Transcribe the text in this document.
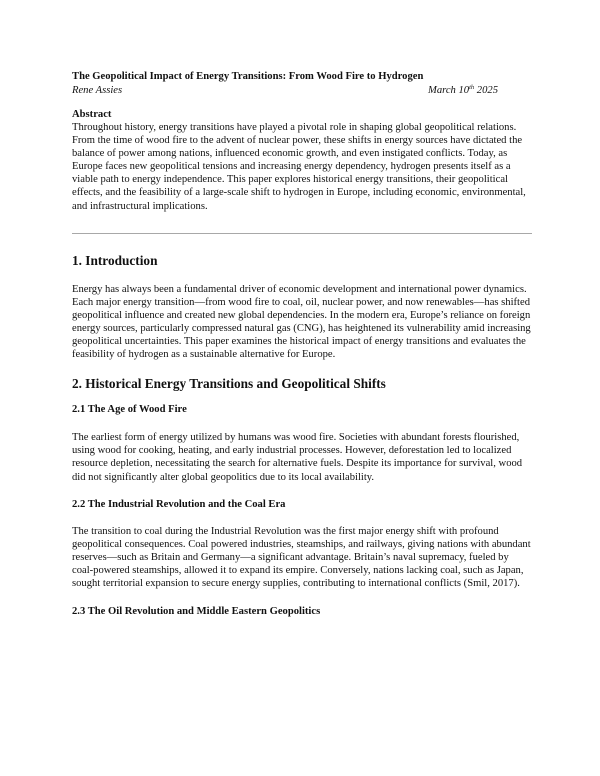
The Geopolitical Impact of Energy Transitions: From Wood Fire to Hydrogen

Rene Assies	March 10th 2025
Abstract

Throughout history, energy transitions have played a pivotal role in shaping global geopolitical relations. From the time of wood fire to the advent of nuclear power, these shifts in energy sources have dictated the balance of power among nations, influenced economic growth, and even instigated conflicts. Today, as Europe faces new geopolitical tensions and increasing energy dependency, hydrogen presents itself as a viable path to energy independence. This paper explores historical energy transitions, their geopolitical effects, and the feasibility of a large-scale shift to hydrogen in Europe, including economic, environmental, and infrastructural implications.

1. Introduction

Energy has always been a fundamental driver of economic development and international power dynamics. Each major energy transition—from wood fire to coal, oil, nuclear power, and now renewables—has shifted geopolitical influence and created new global dependencies. In the modern era, Europe’s reliance on foreign energy sources, particularly compressed natural gas (CNG), has heightened its vulnerability amid increasing geopolitical uncertainties. This paper examines the historical impact of energy transitions and evaluates the feasibility of hydrogen as a sustainable alternative for Europe.

2. Historical Energy Transitions and Geopolitical Shifts
2.1 The Age of Wood Fire

The earliest form of energy utilized by humans was wood fire. Societies with abundant forests flourished, using wood for cooking, heating, and early industrial processes. However, deforestation led to localized resource depletion, necessitating the search for alternative fuels. Despite its importance for survival, wood did not significantly alter global geopolitics due to its local availability.

2.2 The Industrial Revolution and the Coal Era

The transition to coal during the Industrial Revolution was the first major energy shift with profound geopolitical consequences. Coal powered industries, steamships, and railways, giving nations with abundant reserves—such as Britain and Germany—a significant advantage. Britain’s naval supremacy, fueled by coal-powered steamships, allowed it to expand its empire. Conversely, nations lacking coal, such as Japan, sought territorial expansion to secure energy supplies, contributing to international conflicts (Smil, 2017).

2.3 The Oil Revolution and Middle Eastern Geopolitics
